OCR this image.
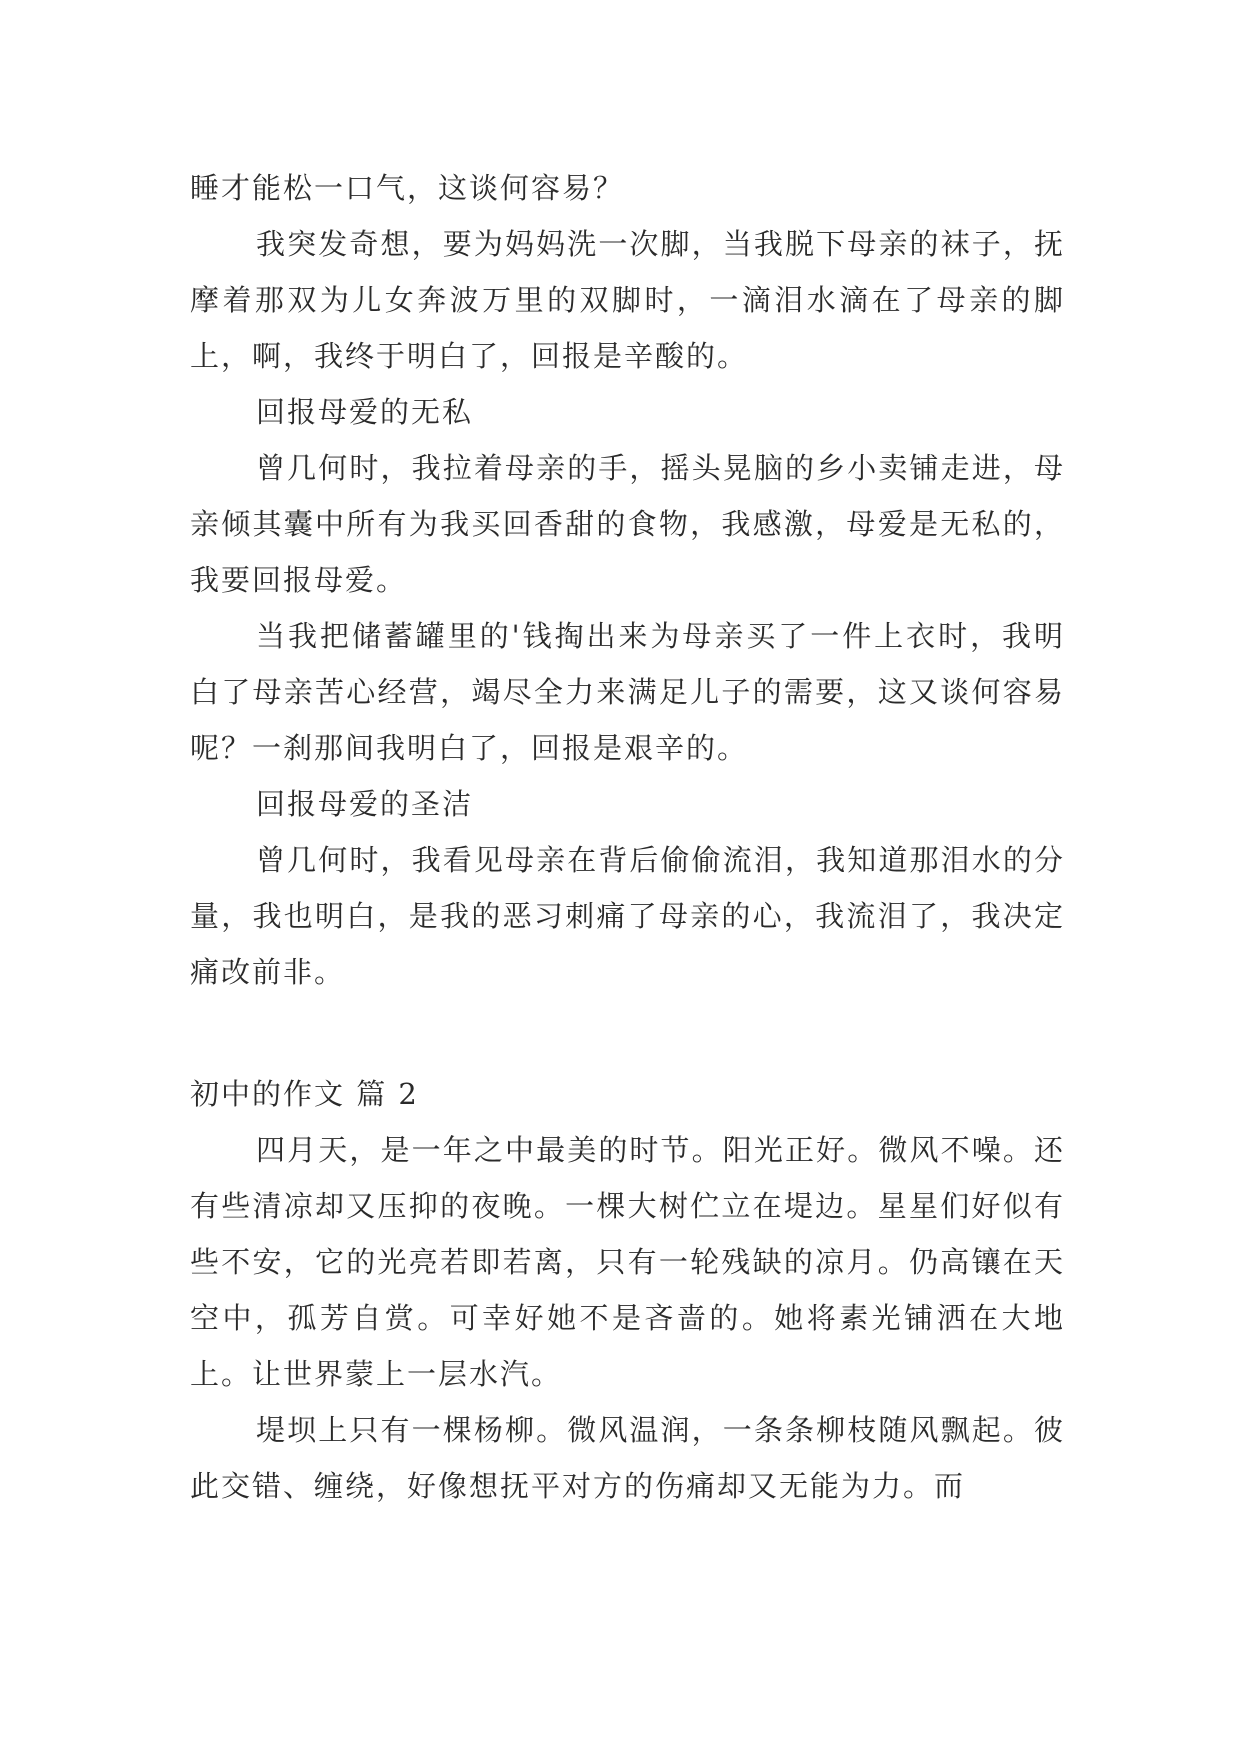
睡才能松一口气，这谈何容易？

我突发奇想，要为妈妈洗一次脚，当我脱下母亲的袜子，抚摩着那双为儿女奔波万里的双脚时，一滴泪水滴在了母亲的脚上，啊，我终于明白了，回报是辛酸的。

回报母爱的无私

曾几何时，我拉着母亲的手，摇头晃脑的乡小卖铺走进，母亲倾其囊中所有为我买回香甜的食物，我感激，母爱是无私的，我要回报母爱。

当我把储蓄罐里的'钱掏出来为母亲买了一件上衣时，我明白了母亲苦心经营，竭尽全力来满足儿子的需要，这又谈何容易呢？一刹那间我明白了，回报是艰辛的。

回报母爱的圣洁

曾几何时，我看见母亲在背后偷偷流泪，我知道那泪水的分量，我也明白，是我的恶习刺痛了母亲的心，我流泪了，我决定痛改前非。

初中的作文 篇 2

四月天，是一年之中最美的时节。阳光正好。微风不噪。还有些清凉却又压抑的夜晚。一棵大树伫立在堤边。星星们好似有些不安，它的光亮若即若离，只有一轮残缺的凉月。仍高镶在天空中，孤芳自赏。可幸好她不是吝啬的。她将素光铺洒在大地上。让世界蒙上一层水汽。

堤坝上只有一棵杨柳。微风温润，一条条柳枝随风飘起。彼此交错、缠绕，好像想抚平对方的伤痛却又无能为力。而
